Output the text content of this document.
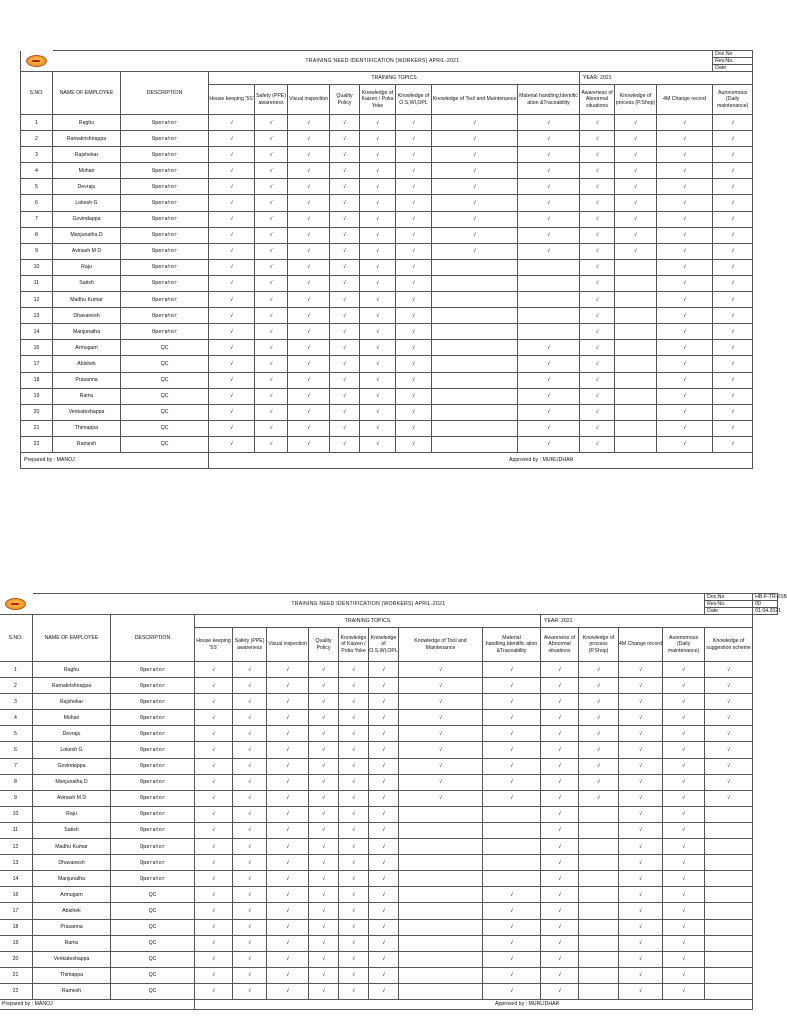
	TRAINING NEED IDENTIFICATION (WORKERS) APRIL-2021													Doc.No	
														Rev.No.	
														Date	
S.NO.	NAME OF EMPLOYEE	DESCRIPTION	TRAINING TOPICS								YEAR: 2021				
			House keeping '5S'	Safety (PPE) awareness	Visual inspection	Quality Policy	Knowledge of Kaizen / Poka Yoke	Knowledge of O.S,WI,OPL	Knowledge of Tool and Maintenance	Material handling,Identific ation &Traceability	Awareness of Abnormal situations	Knowledge of process (P.Shop)	4M Change record	Autonomous (Daily maintenance)	
1	Raghu	Operator	√	√	√	√	√	√	√	√	√	√	√	√	
2	Ramakrishnappa	Operator	√	√	√	√	√	√	√	√	√	√	√	√	
3	Rajshekar	Operator	√	√	√	√	√	√	√	√	√	√	√	√	
4	Mohan	Operator	√	√	√	√	√	√	√	√	√	√	√	√	
5	Devraju	Operator	√	√	√	√	√	√	√	√	√	√	√	√	
6	Lokesh G	Operator	√	√	√	√	√	√	√	√	√	√	√	√	
7	Govindappa	Operator	√	√	√	√	√	√	√	√	√	√	√	√	
8	Manjunatha D	Operator	√	√	√	√	√	√	√	√	√	√	√	√	
9	Avinash M D	Operator	√	√	√	√	√	√	√	√	√	√	√	√	
10	Raju	Operator	√	√	√	√	√	√			√		√	√	
11	Satish	Operator	√	√	√	√	√	√			√		√	√	
12	Madhu Kumar	Operator	√	√	√	√	√	√			√		√	√	
13	Dhavanesh	Operator	√	√	√	√	√	√			√		√	√	
14	Manjunatha	Operator	√	√	√	√	√	√			√		√	√	
16	Armugam	QC	√	√	√	√	√	√		√	√		√	√	
17	Abishek	QC	√	√	√	√	√	√		√	√		√	√	
18	Prasanna	QC	√	√	√	√	√	√		√	√		√	√	
19	Ramu	QC	√	√	√	√	√	√		√	√		√	√	
20	Venkateshappa	QC	√	√	√	√	√	√		√	√		√	√	
21	Thimappa	QC	√	√	√	√	√	√		√	√		√	√	
22	Ramesh	QC	√	√	√	√	√	√		√	√		√	√	
Prepared by : MANOJ			Approved by : MURLIDHAR												
	TRAINING NEED IDENTIFICATION (WORKERS) APRIL-2021														Doc.No	HB-F-TR-01B
															Rev.No.	00
															Date	01.04.2021
S.NO.	NAME OF EMPLOYEE	DESCRIPTION	TRAINING TOPICS								YEAR: 2021					
			House keeping '5S'	Safety (PPE) awareness	Visual inspection	Quality Policy	Knowledge of Kaizen / Poka Yoke	Knowledge of O.S,WI,OPL	Knowledge of Tool and Maintenance	Material handling,Identific ation &Traceability	Awareness of Abnormal situations	Knowledge of process (P.Shop)	4M Change record	Autonomous (Daily maintenance)	Knowledge of suggestion scheme	
1	Raghu	Operator	√	√	√	√	√	√	√	√	√	√	√	√	√	
2	Ramakrishnappa	Operator	√	√	√	√	√	√	√	√	√	√	√	√	√	
3	Rajshekar	Operator	√	√	√	√	√	√	√	√	√	√	√	√	√	
4	Mohan	Operator	√	√	√	√	√	√	√	√	√	√	√	√	√	
5	Devraju	Operator	√	√	√	√	√	√	√	√	√	√	√	√	√	
6	Lokesh G	Operator	√	√	√	√	√	√	√	√	√	√	√	√	√	
7	Govindappa	Operator	√	√	√	√	√	√	√	√	√	√	√	√	√	
8	Manjunatha D	Operator	√	√	√	√	√	√	√	√	√	√	√	√	√	
9	Avinash M D	Operator	√	√	√	√	√	√	√	√	√	√	√	√	√	
10	Raju	Operator	√	√	√	√	√	√			√		√	√		
11	Satish	Operator	√	√	√	√	√	√			√		√	√		
12	Madhu Kumar	Operator	√	√	√	√	√	√			√		√	√		
13	Dhavanesh	Operator	√	√	√	√	√	√			√		√	√		
14	Manjunatha	Operator	√	√	√	√	√	√			√		√	√		
16	Armugam	QC	√	√	√	√	√	√		√	√		√	√		
17	Abishek	QC	√	√	√	√	√	√		√	√		√	√		
18	Prasanna	QC	√	√	√	√	√	√		√	√		√	√		
19	Ramu	QC	√	√	√	√	√	√		√	√		√	√		
20	Venkateshappa	QC	√	√	√	√	√	√		√	√		√	√		
21	Thimappa	QC	√	√	√	√	√	√		√	√		√	√		
22	Ramesh	QC	√	√	√	√	√	√		√	√		√	√		
Prepared by : MANOJ			Approved by : MURLIDHAR													
